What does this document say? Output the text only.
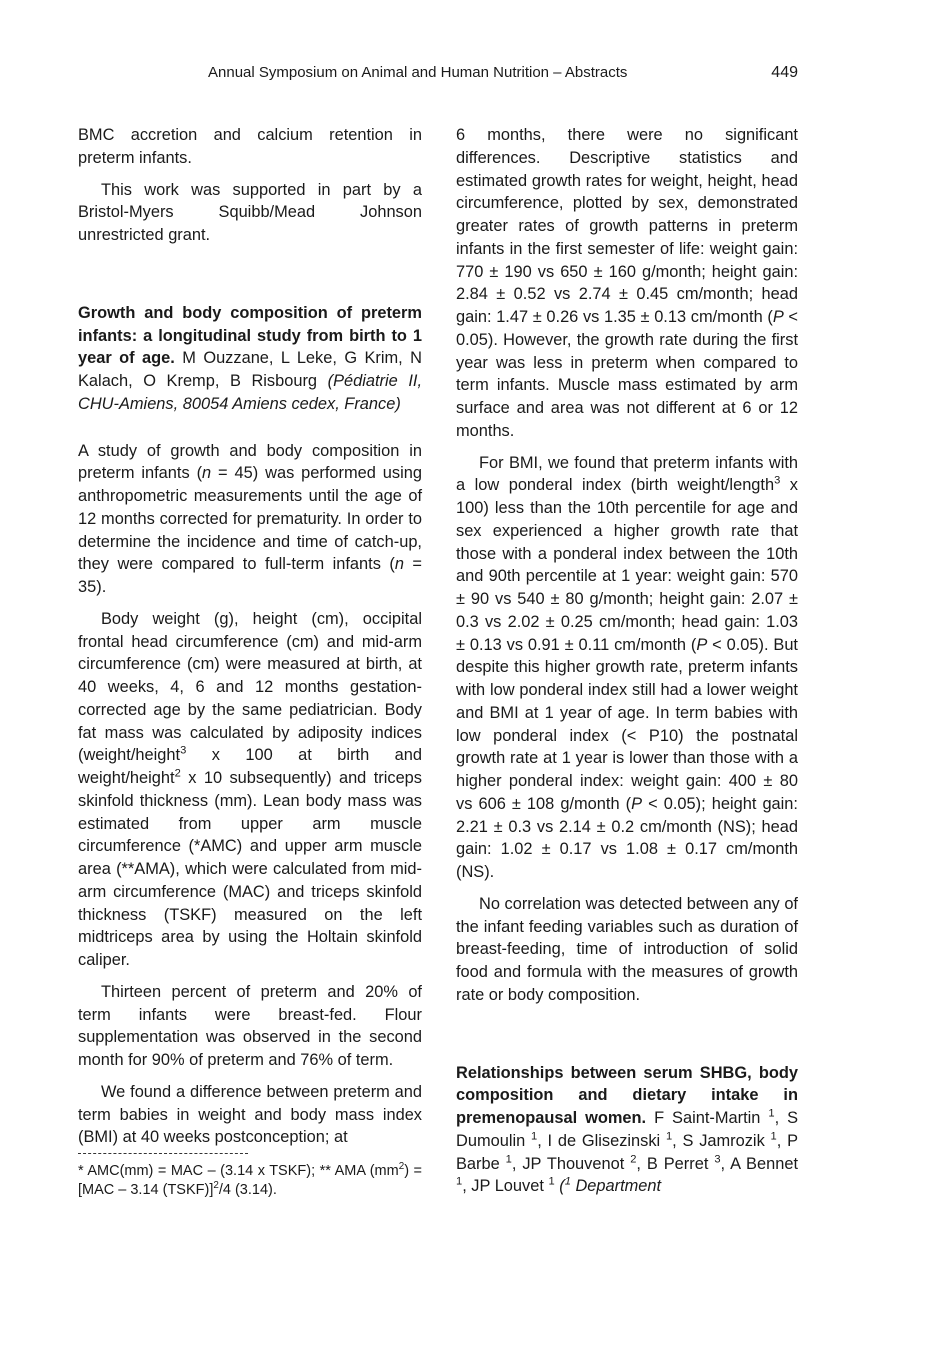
Annual Symposium on Animal and Human Nutrition – Abstracts	449

BMC accretion and calcium retention in preterm infants.

This work was supported in part by a Bristol-Myers Squibb/Mead Johnson unrestricted grant.

Growth and body composition of preterm infants: a longitudinal study from birth to 1 year of age. M Ouzzane, L Leke, G Krim, N Kalach, O Kremp, B Risbourg (Pédiatrie II, CHU-Amiens, 80054 Amiens cedex, France)

A study of growth and body composition in preterm infants (n = 45) was performed using anthropometric measurements until the age of 12 months corrected for prematurity. In order to determine the incidence and time of catch-up, they were compared to full-term infants (n = 35).

Body weight (g), height (cm), occipital frontal head circumference (cm) and mid-arm circumference (cm) were measured at birth, at 40 weeks, 4, 6 and 12 months gestation-corrected age by the same pediatrician. Body fat mass was calculated by adiposity indices (weight/height$^3$ x 100 at birth and weight/height$^2$ x 10 subsequently) and triceps skinfold thickness (mm). Lean body mass was estimated from upper arm muscle circumference (*AMC) and upper arm muscle area (**AMA), which were calculated from mid-arm circumference (MAC) and triceps skinfold thickness (TSKF) measured on the left midtriceps area by using the Holtain skinfold caliper.

Thirteen percent of preterm and 20% of term infants were breast-fed. Flour supplementation was observed in the second month for 90% of preterm and 76% of term.

We found a difference between preterm and term babies in weight and body mass index (BMI) at 40 weeks postconception; at

* AMC(mm) = MAC – (3.14 x TSKF); ** AMA $(mm^2) = [MAC - 3.14$ (TSKF)]$^2$/4 (3.14).

6 months, there were no significant differences. Descriptive statistics and estimated growth rates for weight, height, head circumference, plotted by sex, demonstrated greater rates of growth patterns in preterm infants in the first semester of life: weight gain: 770 ± 190 vs 650 ± 160 g/month; height gain: 2.84 ± 0.52 vs 2.74 ± 0.45 cm/month; head gain: 1.47 ± 0.26 vs 1.35 ± 0.13 cm/month (P < 0.05). However, the growth rate during the first year was less in preterm when compared to term infants. Muscle mass estimated by arm surface and area was not different at 6 or 12 months.

For BMI, we found that preterm infants with a low ponderal index (birth weight/length$^3$ x 100) less than the 10th percentile for age and sex experienced a higher growth rate that those with a ponderal index between the 10th and 90th percentile at 1 year: weight gain: 570 ± 90 vs 540 ± 80 g/month; height gain: 2.07 ± 0.3 vs 2.02 ± 0.25 cm/month; head gain: 1.03 ± 0.13 vs 0.91 ± 0.11 cm/month (P < 0.05). But despite this higher growth rate, preterm infants with low ponderal index still had a lower weight and BMI at 1 year of age. In term babies with low ponderal index (< P10) the postnatal growth rate at 1 year is lower than those with a higher ponderal index: weight gain: 400 ± 80 vs 606 ± 108 g/month (P < 0.05); height gain: 2.21 ± 0.3 vs 2.14 ± 0.2 cm/month (NS); head gain: 1.02 ± 0.17 vs 1.08 ± 0.17 cm/month (NS).

No correlation was detected between any of the infant feeding variables such as duration of breast-feeding, time of introduction of solid food and formula with the measures of growth rate or body composition.

Relationships between serum SHBG, body composition and dietary intake in premenopausal women. F Saint-Martin $^1$, S Dumoulin $^1$, I de Glisezinski $^1$, S Jamrozik $^1$, P Barbe $^1$, JP Thouvenot $^2$, B Perret $^3$, A Bennet $^1$, JP Louvet $^1$ ($^1$ Department
